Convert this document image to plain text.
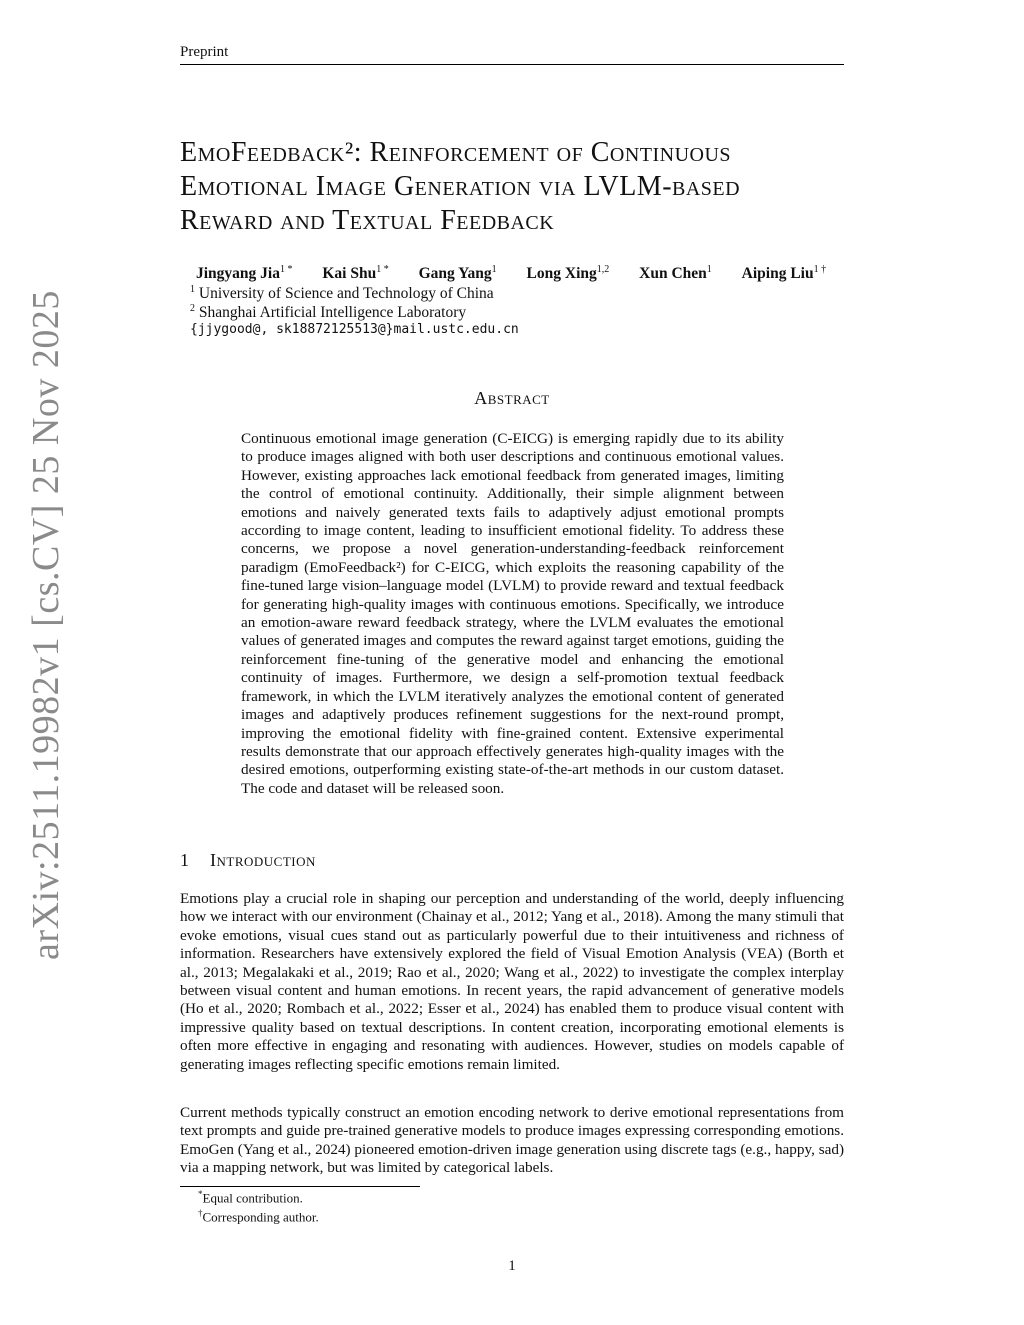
Preprint
EmoFeedback²: Reinforcement of Continuous
Emotional Image Generation via LVLM-based
Reward and Textual Feedback
Jingyang Jia$^{1 *}$ Kai Shu$^{1 *}$ Gang Yang$^1$ Long Xing$^{1,2}$ Xun Chen$^1$ Aiping Liu$^{1 \dagger}$
$^1$ University of Science and Technology of China
$^2$ Shanghai Artificial Intelligence Laboratory
{jjygood@, sk18872125513@}mail.ustc.edu.cn
arXiv:2511.19982v1 [cs.CV] 25 Nov 2025	Abstract
Continuous emotional image generation (C-EICG) is emerging rapidly due to its ability to produce images aligned with both user descriptions and continuous emotional values. However, existing approaches lack emotional feedback from generated images, limiting the control of emotional continuity. Additionally, their simple alignment between emotions and naively generated texts fails to adaptively adjust emotional prompts according to image content, leading to insufficient emotional fidelity. To address these concerns, we propose a novel generation-understanding-feedback reinforcement paradigm (EmoFeedback²) for C-EICG, which exploits the reasoning capability of the fine-tuned large vision–language model (LVLM) to provide reward and textual feedback for generating high-quality images with continuous emotions. Specifically, we introduce an emotion-aware reward feedback strategy, where the LVLM evaluates the emotional values of generated images and computes the reward against target emotions, guiding the reinforcement fine-tuning of the generative model and enhancing the emotional continuity of images. Furthermore, we design a self-promotion textual feedback framework, in which the LVLM iteratively analyzes the emotional content of generated images and adaptively produces refinement suggestions for the next-round prompt, improving the emotional fidelity with fine-grained content. Extensive experimental results demonstrate that our approach effectively generates high-quality images with the desired emotions, outperforming existing state-of-the-art methods in our custom dataset. The code and dataset will be released soon.
1 Introduction
Emotions play a crucial role in shaping our perception and understanding of the world, deeply influencing how we interact with our environment (Chainay et al., 2012; Yang et al., 2018). Among the many stimuli that evoke emotions, visual cues stand out as particularly powerful due to their intuitiveness and richness of information. Researchers have extensively explored the field of Visual Emotion Analysis (VEA) (Borth et al., 2013; Megalakaki et al., 2019; Rao et al., 2020; Wang et al., 2022) to investigate the complex interplay between visual content and human emotions. In recent years, the rapid advancement of generative models (Ho et al., 2020; Rombach et al., 2022; Esser et al., 2024) has enabled them to produce visual content with impressive quality based on textual descriptions. In content creation, incorporating emotional elements is often more effective in engaging and resonating with audiences. However, studies on models capable of generating images reflecting specific emotions remain limited.
Current methods typically construct an emotion encoding network to derive emotional representations from text prompts and guide pre-trained generative models to produce images expressing corresponding emotions. EmoGen (Yang et al., 2024) pioneered emotion-driven image generation using discrete tags (e.g., happy, sad) via a mapping network, but was limited by categorical labels.
*Equal contribution.
†Corresponding author.
1
